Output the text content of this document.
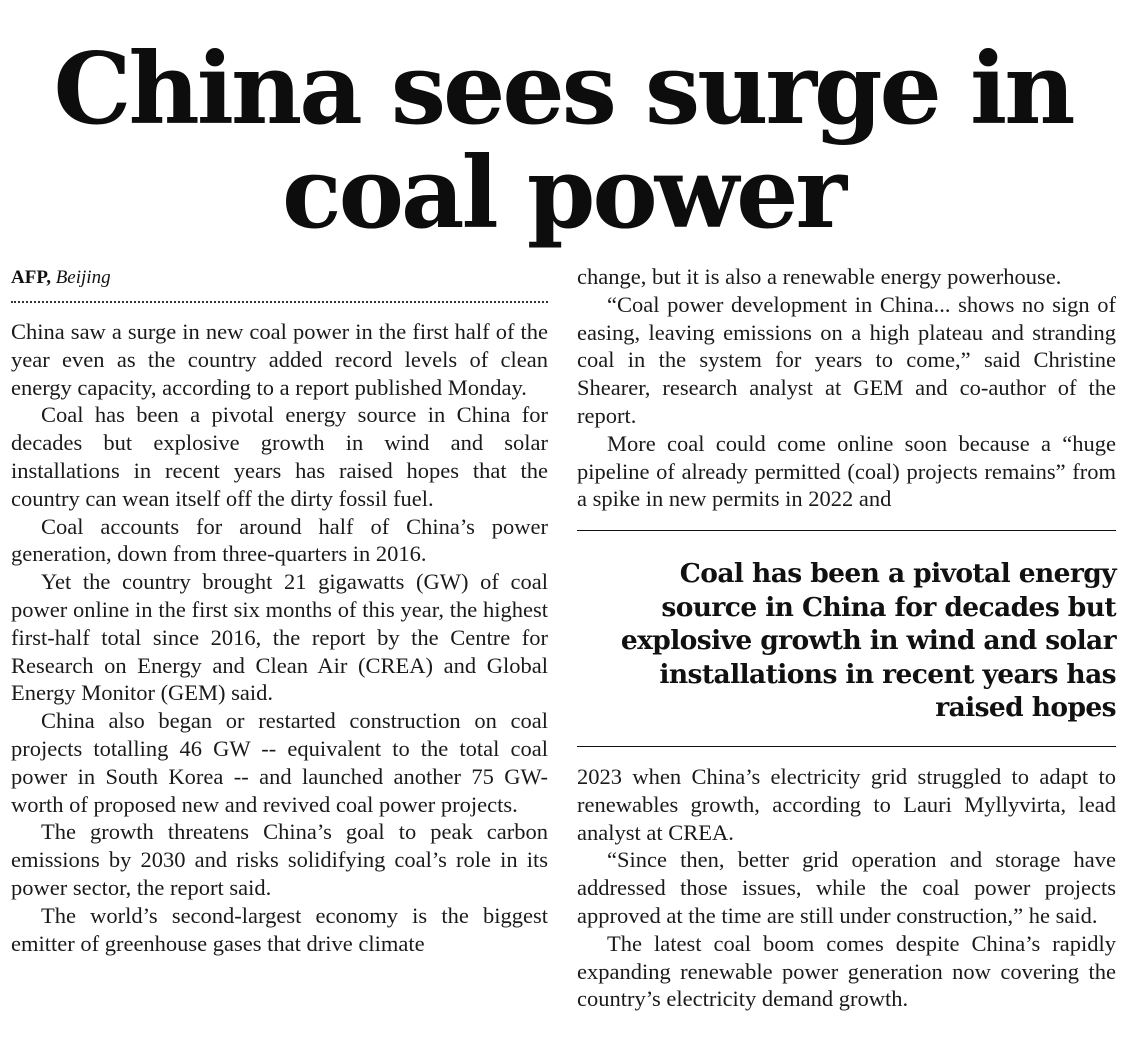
China sees surge in coal power
AFP, Beijing

China saw a surge in new coal power in the first half of the year even as the country added record levels of clean energy capacity, according to a report published Monday.

Coal has been a pivotal energy source in China for decades but explosive growth in wind and solar installations in recent years has raised hopes that the country can wean itself off the dirty fossil fuel.

Coal accounts for around half of China’s power generation, down from three-quarters in 2016.

Yet the country brought 21 gigawatts (GW) of coal power online in the first six months of this year, the highest first-half total since 2016, the report by the Centre for Research on Energy and Clean Air (CREA) and Global Energy Monitor (GEM) said.

China also began or restarted construction on coal projects totalling 46 GW -- equivalent to the total coal power in South Korea -- and launched another 75 GW-worth of proposed new and revived coal power projects.

The growth threatens China’s goal to peak carbon emissions by 2030 and risks solidifying coal’s role in its power sector, the report said.

The world’s second-largest economy is the biggest emitter of greenhouse gases that drive climate

change, but it is also a renewable energy powerhouse.

“Coal power development in China... shows no sign of easing, leaving emissions on a high plateau and stranding coal in the system for years to come,” said Christine Shearer, research analyst at GEM and co-author of the report.

More coal could come online soon because a “huge pipeline of already permitted (coal) projects remains” from a spike in new permits in 2022 and

Coal has been a pivotal energy source in China for decades but explosive growth in wind and solar installations in recent years has raised hopes

2023 when China’s electricity grid struggled to adapt to renewables growth, according to Lauri Myllyvirta, lead analyst at CREA.

“Since then, better grid operation and storage have addressed those issues, while the coal power projects approved at the time are still under construction,” he said.

The latest coal boom comes despite China’s rapidly expanding renewable power generation now covering the country’s electricity demand growth.
